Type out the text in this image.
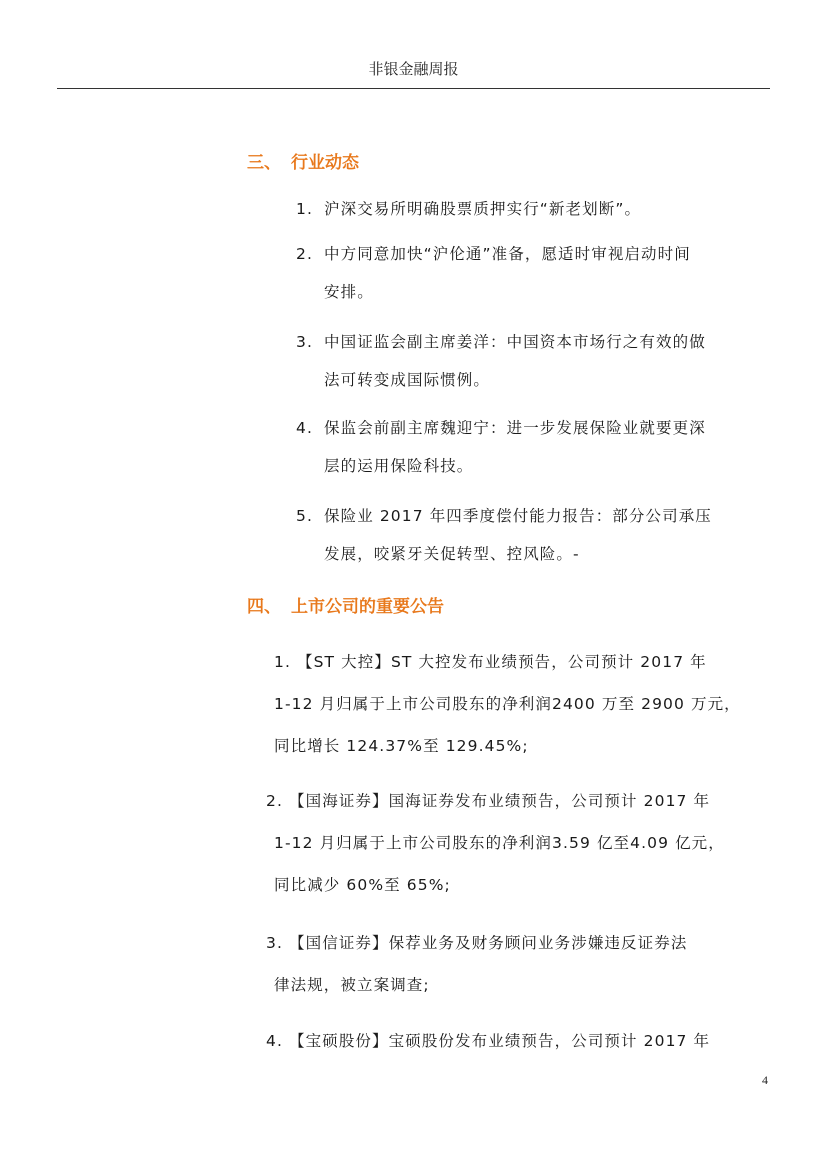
非银金融周报
三、 行业动态
1. 沪深交易所明确股票质押实行“新老划断”。
2. 中方同意加快“沪伦通”准备，愿适时审视启动时间
安排。
3. 中国证监会副主席姜洋：中国资本市场行之有效的做
法可转变成国际惯例。
4. 保监会前副主席魏迎宁：进一步发展保险业就要更深
层的运用保险科技。
5. 保险业 2017 年四季度偿付能力报告：部分公司承压
发展，咬紧牙关促转型、控风险。-
四、 上市公司的重要公告
1. 【ST 大控】ST 大控发布业绩预告，公司预计 2017 年
1-12 月归属于上市公司股东的净利润2400 万至 2900 万元，
同比增长 124.37%至 129.45%;
2. 【国海证券】国海证券发布业绩预告，公司预计 2017 年
1-12 月归属于上市公司股东的净利润3.59 亿至4.09 亿元，
同比减少 60%至 65%;
3. 【国信证券】保荐业务及财务顾问业务涉嫌违反证券法
律法规，被立案调查;
4. 【宝硕股份】宝硕股份发布业绩预告，公司预计 2017 年
4
